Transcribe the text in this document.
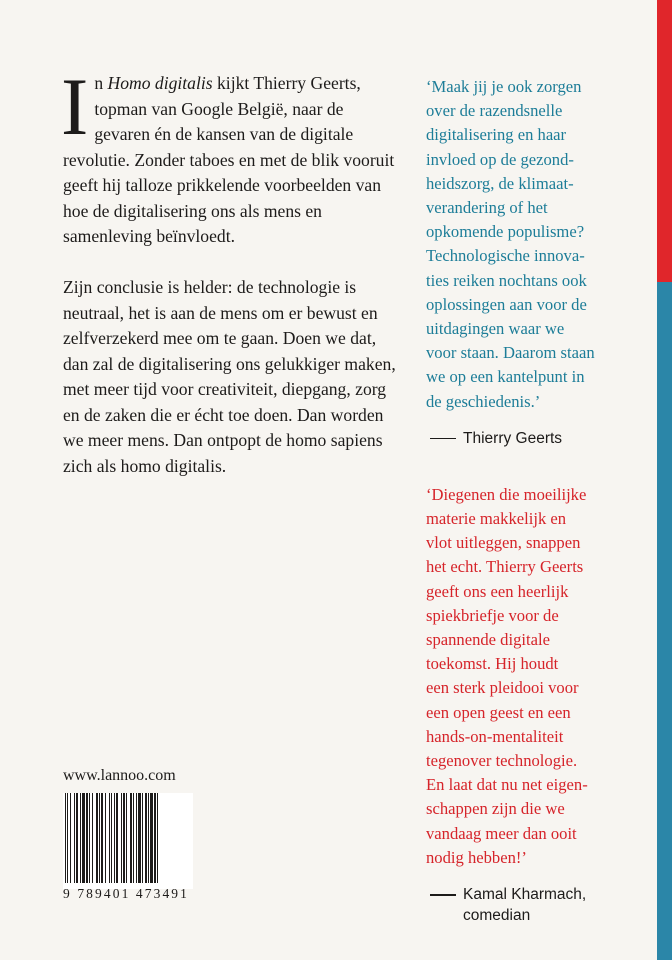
In Homo digitalis kijkt Thierry Geerts, topman van Google België, naar de gevaren én de kansen van de digitale revolutie. Zonder taboes en met de blik vooruit geeft hij talloze prikkelende voorbeelden van hoe de digitalisering ons als mens en samenleving beïnvloedt.

Zijn conclusie is helder: de technologie is neutraal, het is aan de mens om er bewust en zelfverzekerd mee om te gaan. Doen we dat, dan zal de digitalisering ons gelukkiger maken, met meer tijd voor creativiteit, diepgang, zorg en de zaken die er écht toe doen. Dan worden we meer mens. Dan ontpopt de homo sapiens zich als homo digitalis.

‘Maak jij je ook zorgen
over de razendsnelle
digitalisering en haar
invloed op de gezond-
heidszorg, de klimaat-
verandering of het
opkomende populisme?
Technologische innova-
ties reiken nochtans ook
oplossingen aan voor de
uitdagingen waar we
voor staan. Daarom staan
we op een kantelpunt in
de geschiedenis.’
Thierry Geerts
‘Diegenen die moeilijke
materie makkelijk en
vlot uitleggen, snappen
het echt. Thierry Geerts
geeft ons een heerlijk
spiekbriefje voor de
spannende digitale
toekomst. Hij houdt
een sterk pleidooi voor
een open geest en een
hands-on-mentaliteit
tegenover technologie.
En laat dat nu net eigen-
schappen zijn die we
vandaag meer dan ooit
nodig hebben!’
Kamal Kharmach,
comedian
www.lannoo.com
9 789401 473491
